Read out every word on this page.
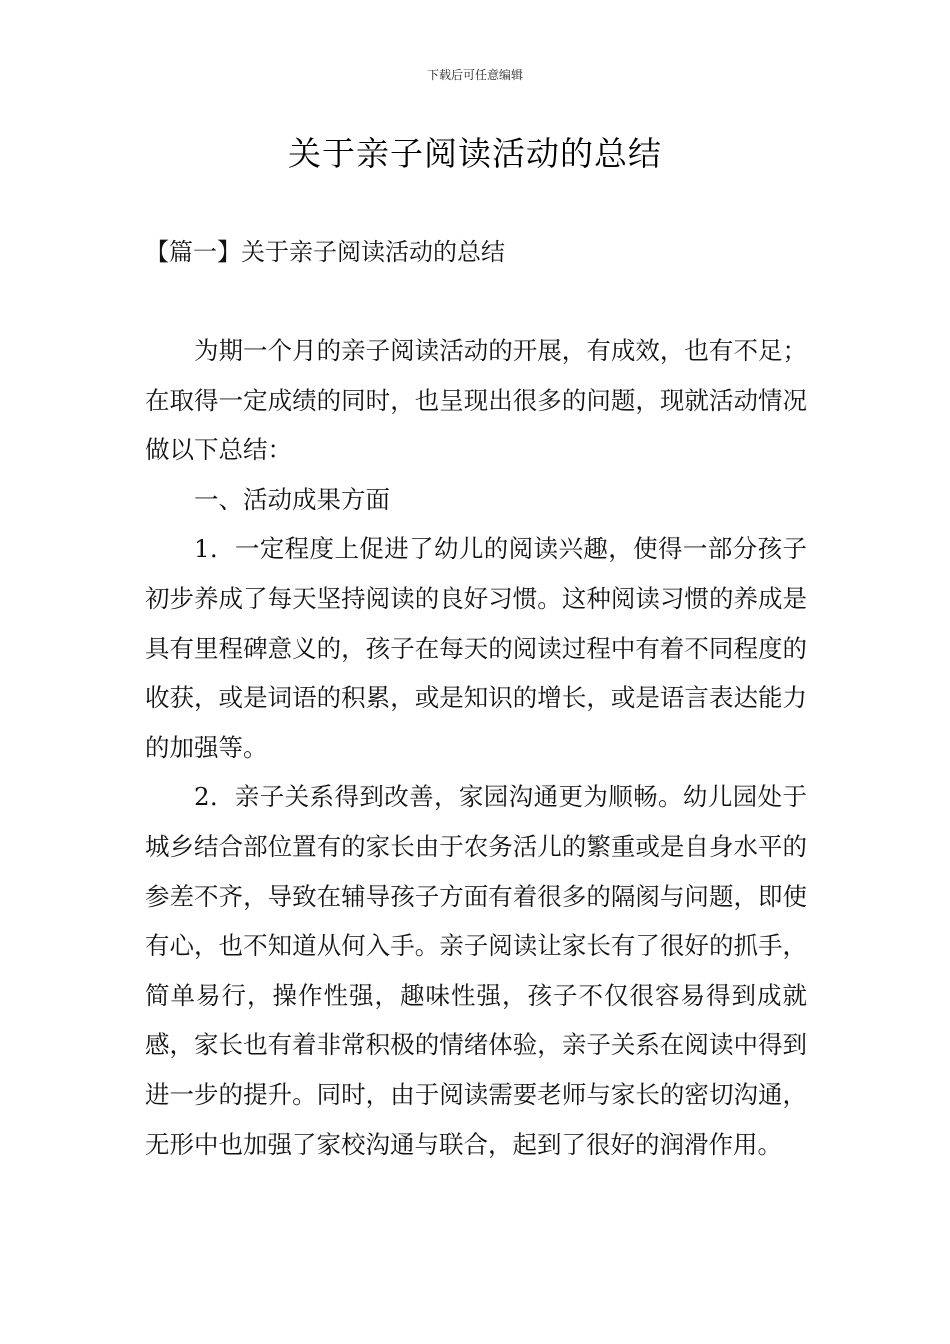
下载后可任意编辑
关于亲子阅读活动的总结
【篇一】关于亲子阅读活动的总结

为期一个月的亲子阅读活动的开展，有成效，也有不足；在取得一定成绩的同时，也呈现出很多的问题，现就活动情况做以下总结：

一、活动成果方面

1．一定程度上促进了幼儿的阅读兴趣，使得一部分孩子初步养成了每天坚持阅读的良好习惯。这种阅读习惯的养成是具有里程碑意义的，孩子在每天的阅读过程中有着不同程度的收获，或是词语的积累，或是知识的增长，或是语言表达能力的加强等。

2．亲子关系得到改善，家园沟通更为顺畅。幼儿园处于城乡结合部位置有的家长由于农务活儿的繁重或是自身水平的参差不齐，导致在辅导孩子方面有着很多的隔阂与问题，即使有心，也不知道从何入手。亲子阅读让家长有了很好的抓手，简单易行，操作性强，趣味性强，孩子不仅很容易得到成就感，家长也有着非常积极的情绪体验，亲子关系在阅读中得到进一步的提升。同时，由于阅读需要老师与家长的密切沟通，无形中也加强了家校沟通与联合，起到了很好的润滑作用。
